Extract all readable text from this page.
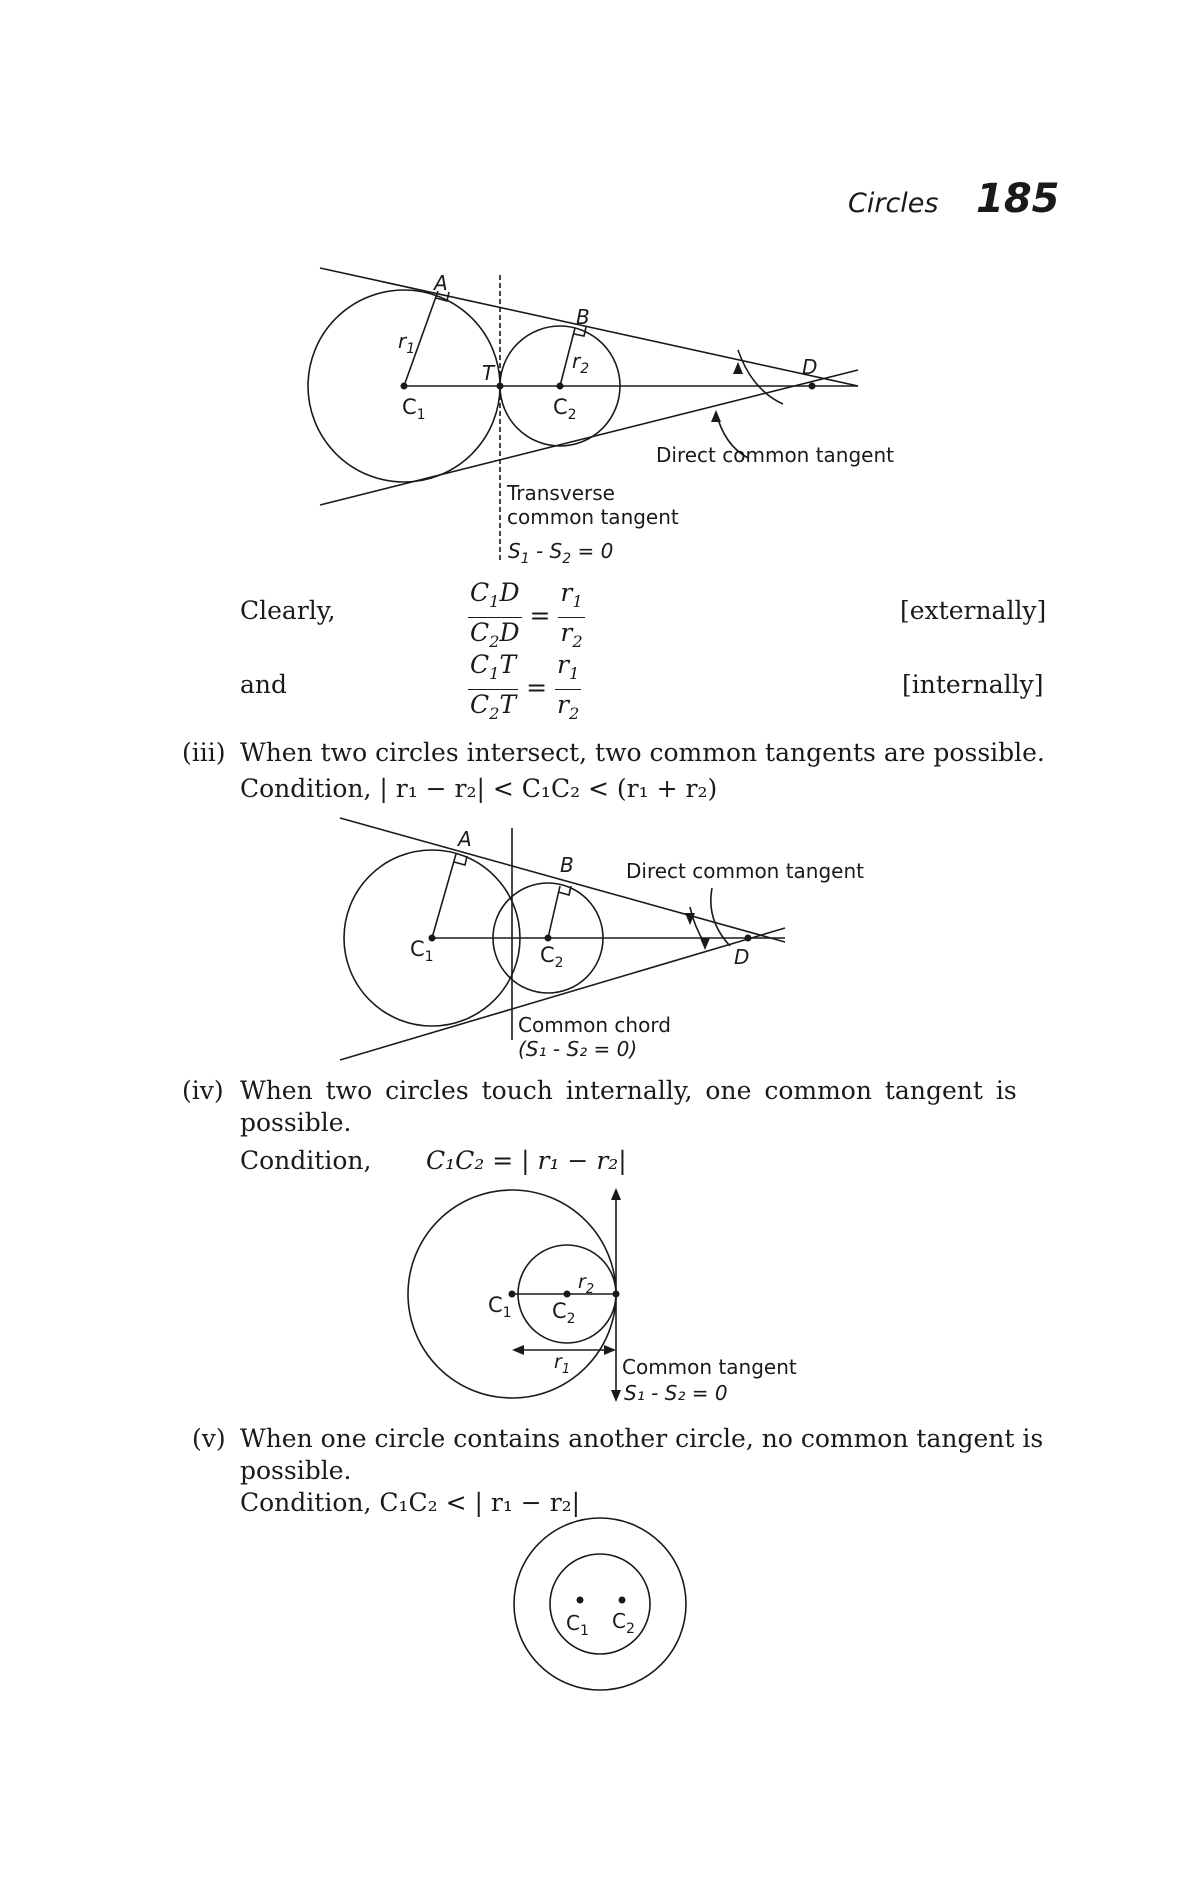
Circles 185
A
B
D
T
$r_1$	$r_2$
$C_1$	$C_2$
Direct common tangent
Transverse
common tangent
$S_1 - S_2 = 0$
Clearly,	$\frac{C_1D}{C_2D} = \frac{r_1}{r_2}$	[externally]
and	$\frac{C_1T}{C_2T} = \frac{r_1}{r_2}$	[internally]
(iii) When two circles intersect, two common tangents are possible.
Condition, | r₁ − r₂| < C₁C₂ < (r₁ + r₂)
A
B
D
$C_1$	$C_2$
Direct common tangent
Common chord
(S₁ - S₂ = 0)
(iv) When two circles touch internally, one common tangent is
possible.
Condition, C₁C₂ = | r₁ − r₂|
$C_1$ $C_2$
$r_2$
$r_1$	Common tangent
S₁ - S₂ = 0
(v) When one circle contains another circle, no common tangent is
possible.
Condition, C₁C₂ < | r₁ − r₂|
$C_1$ $C_2$
